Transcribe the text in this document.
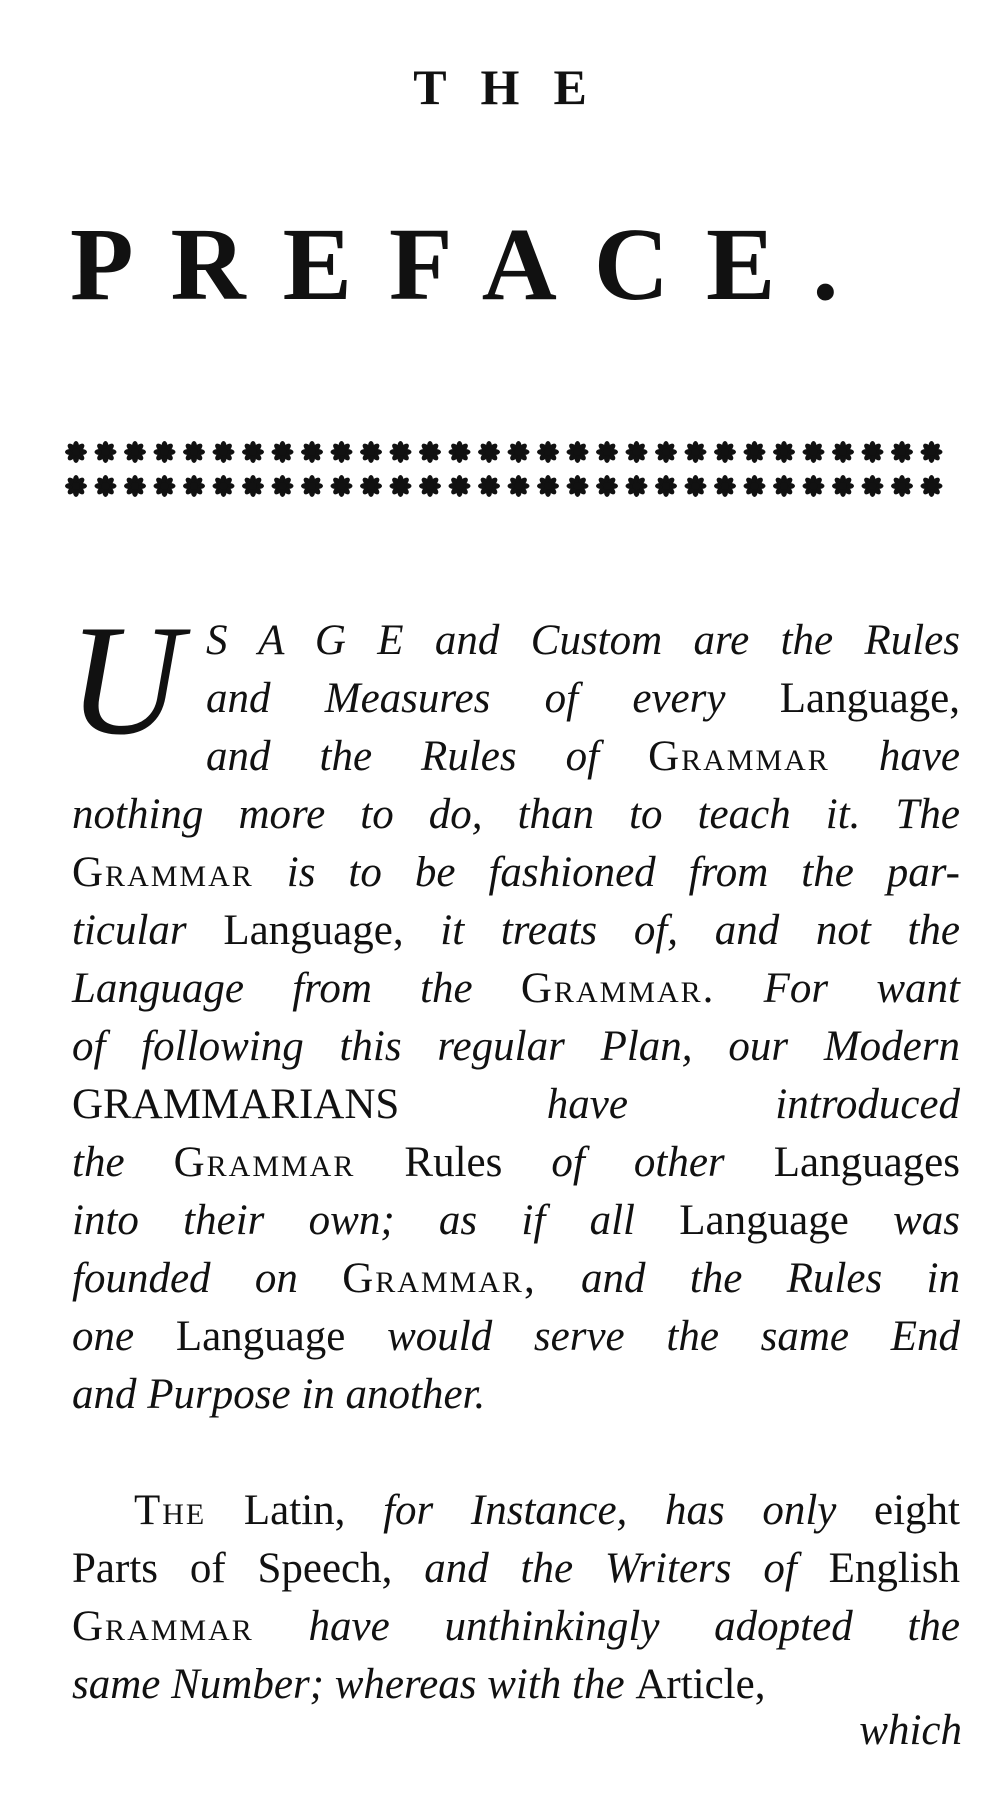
THE
PREFACE.
U S A G E and Custom are the Rules
and Measures of every Language,
and the Rules of Grammar have
nothing more to do, than to teach it. The
Grammar is to be fashioned from the par-
ticular Language, it treats of, and not the
Language from the Grammar. For want
of following this regular Plan, our Modern
GRAMMARIANS have introduced
the Grammar Rules of other Languages
into their own; as if all Language was
founded on Grammar, and the Rules in
one Language would serve the same End
and Purpose in another.
The Latin, for Instance, has only eight
Parts of Speech, and the Writers of English
Grammar have unthinkingly adopted the
same Number; whereas with the Article,
which
